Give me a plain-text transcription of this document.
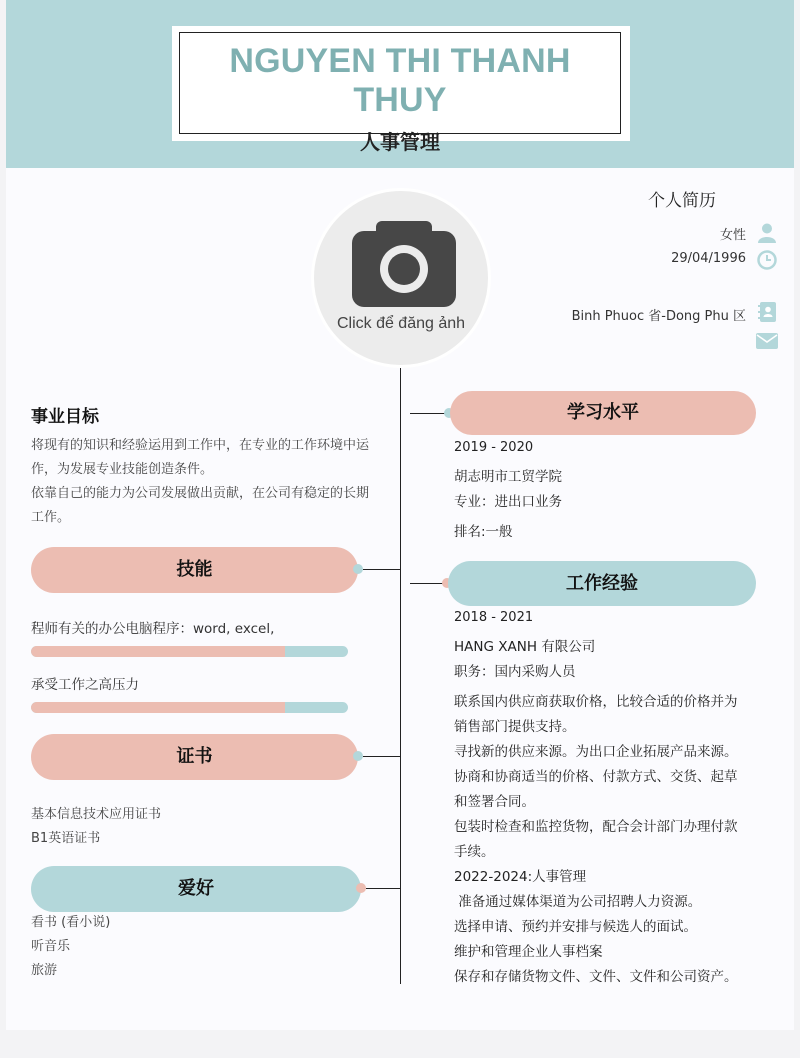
NGUYEN THI THANH THUY
人事管理
Click để đăng ảnh
个人简历
女性
29/04/1996
Binh Phuoc 省-Dong Phu 区
事业目标
将现有的知识和经验运用到工作中，在专业的工作环境中运
作，为发展专业技能创造条件。
依靠自己的能力为公司发展做出贡献，在公司有稳定的长期
工作。
技能
程师有关的办公电脑程序：word, excel,
承受工作之高压力
证书
基本信息技术应用证书
B1英语证书
爱好
看书 (看小说)
听音乐
旅游
学习水平
2019 - 2020
胡志明市工贸学院
专业：进出口业务
排名:一般
工作经验
2018 - 2021
HANG XANH 有限公司
职务：国内采购人员
联系国内供应商获取价格，比较合适的价格并为
销售部门提供支持。
寻找新的供应来源。为出口企业拓展产品来源。
协商和协商适当的价格、付款方式、交货、起草
和签署合同。
包装时检查和监控货物，配合会计部门办理付款
手续。
2022-2024:人事管理
准备通过媒体渠道为公司招聘人力资源。
选择申请、预约并安排与候选人的面试。
维护和管理企业人事档案
保存和存储货物文件、文件、文件和公司资产。
